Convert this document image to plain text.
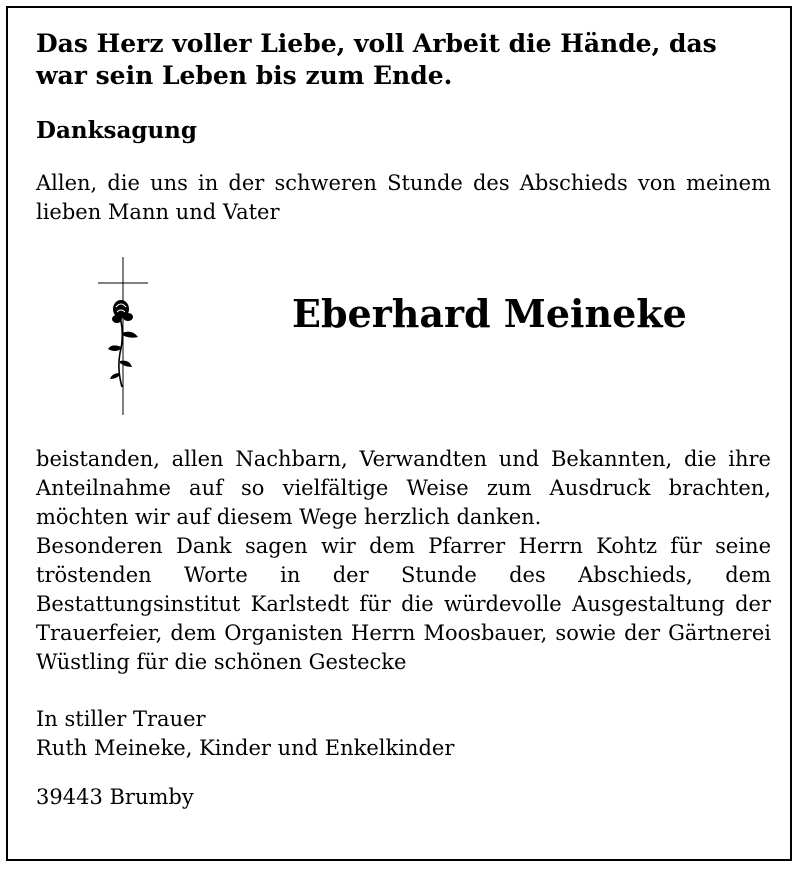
Das Herz voller Liebe, voll Arbeit die Hände, das war sein Leben bis zum Ende.

Danksagung

Allen, die uns in der schweren Stunde des Abschieds von meinem lieben Mann und Vater

Eberhard Meineke

beistanden, allen Nachbarn, Verwandten und Bekannten, die ihre Anteilnahme auf so vielfältige Weise zum Ausdruck brachten, möchten wir auf diesem Wege herzlich danken.

Besonderen Dank sagen wir dem Pfarrer Herrn Kohtz für seine tröstenden Worte in der Stunde des Abschieds, dem Bestattungsinstitut Karlstedt für die würdevolle Ausgestaltung der Trauerfeier, dem Organisten Herrn Moosbauer, sowie der Gärtnerei Wüstling für die schönen Gestecke

In stiller Trauer
Ruth Meineke, Kinder und Enkelkinder

39443 Brumby
